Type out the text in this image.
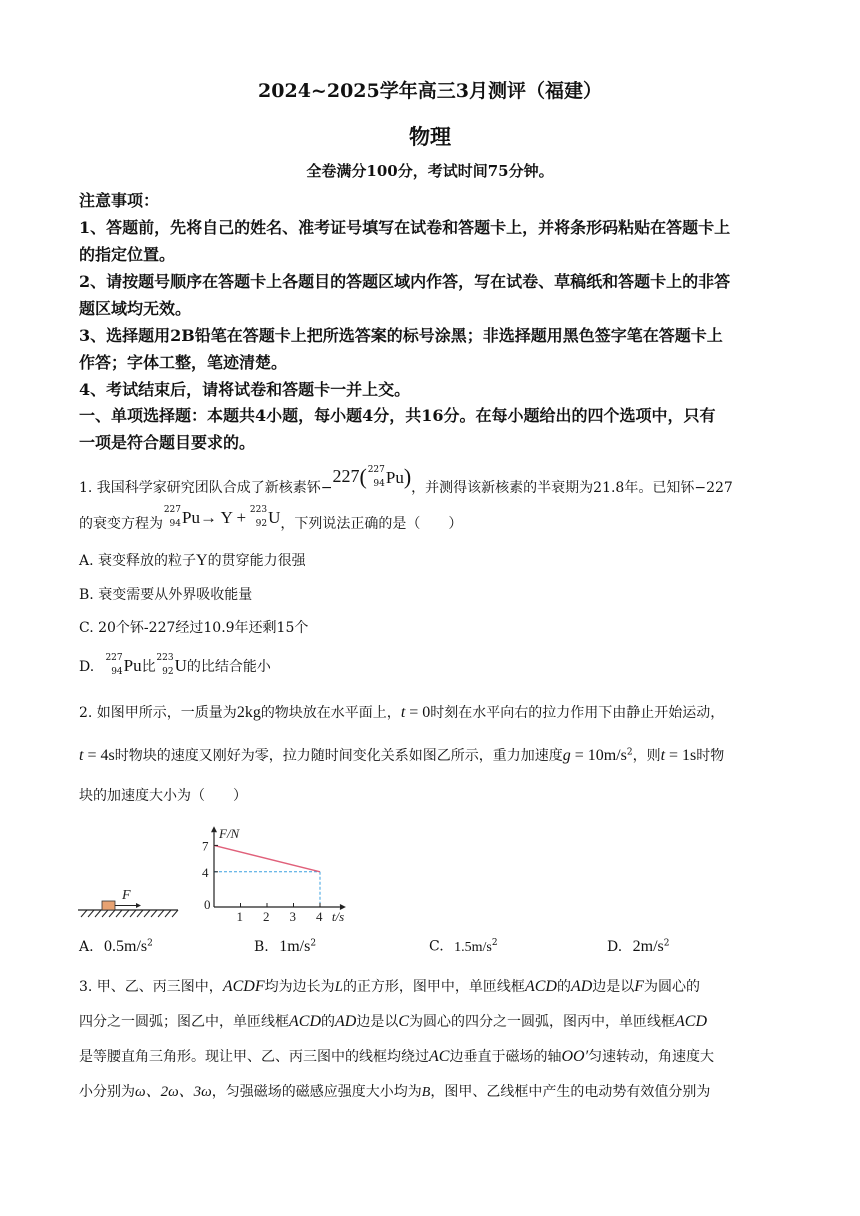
2024~2025学年高三3月测评（福建）
物理
全卷满分100分，考试时间75分钟。
注意事项：
1、答题前，先将自己的姓名、准考证号填写在试卷和答题卡上，并将条形码粘贴在答题卡上
的指定位置。
2、请按题号顺序在答题卡上各题目的答题区域内作答，写在试卷、草稿纸和答题卡上的非答
题区域均无效。
3、选择题用2B铅笔在答题卡上把所选答案的标号涂黑；非选择题用黑色签字笔在答题卡上
作答；字体工整，笔迹清楚。
4、考试结束后，请将试卷和答题卡一并上交。
一、单项选择题：本题共4小题，每小题4分，共16分。在每小题给出的四个选项中，只有
一项是符合题目要求的。
1. 我国科学家研究团队合成了新核素钚−227( 227
94 Pu)，并测得该新核素的半衰期为21.8年。已知钚−227
的衰变方程为
227
94 Pu→ Y + 223
92 U，下列说法正确的是（　　）
A. 衰变释放的粒子Y的贯穿能力很强
B. 衰变需要从外界吸收能量
C. 20个钚-227经过10.9年还剩15个
D.
227
94 Pu比
223
92 U的比结合能小
2. 如图甲所示，一质量为2kg的物块放在水平面上，t = 0时刻在水平向右的拉力作用下由静止开始运动，
t = 4s时物块的速度又刚好为零，拉力随时间变化关系如图乙所示，重力加速度$g = 10m/s^2$，则t = 1s时物
块的加速度大小为（　　）
F
0
1 2 3 4
7
4
F/N
t/s
A. $0.5m/s^2$	B. $1m/s^2$	C. $1.5m/s^2$	D. $2m/s^2$
3. 甲、乙、丙三图中，ACDF均为边长为L的正方形，图甲中，单匝线框ACD的AD边是以F为圆心的
四分之一圆弧；图乙中，单匝线框ACD的AD边是以C为圆心的四分之一圆弧，图丙中，单匝线框ACD
是等腰直角三角形。现让甲、乙、丙三图中的线框均绕过AC边垂直于磁场的轴OO′匀速转动，角速度大
小分别为ω、2ω、3ω，匀强磁场的磁感应强度大小均为B，图甲、乙线框中产生的电动势有效值分别为
